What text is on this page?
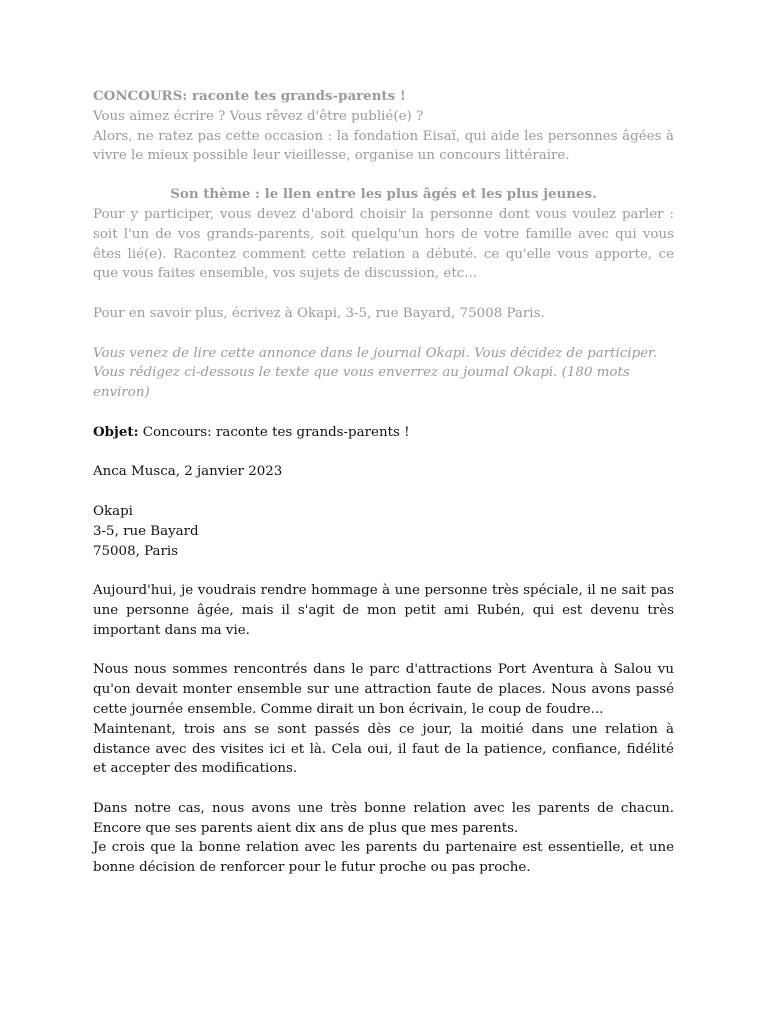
CONCOURS: raconte tes grands-parents !

Vous aimez écrire ? Vous rêvez d'être publié(e) ?

Alors, ne ratez pas cette occasion : la fondation Eisaï, qui aide les personnes âgées à vivre le mieux possible leur vieillesse, organise un concours littéraire.

Son thème : le llen entre les plus âgés et les plus jeunes.

Pour y participer, vous devez d'abord choisir la personne dont vous voulez parler : soit l'un de vos grands-parents, soit quelqu'un hors de votre famille avec qui vous êtes lié(e). Racontez comment cette relation a débuté. ce qu'elle vous apporte, ce que vous faites ensemble, vos sujets de discussion, etc...

Pour en savoir plus, écrivez à Okapi, 3-5, rue Bayard, 75008 Paris.

Vous venez de lire cette annonce dans le journal Okapi. Vous décidez de participer.

Vous rédigez ci-dessous le texte que vous enverrez au joumal Okapi. (180 mots environ)

Objet: Concours: raconte tes grands-parents !

Anca Musca, 2 janvier 2023

Okapi

3-5, rue Bayard

75008, Paris

Aujourd'hui, je voudrais rendre hommage à une personne très spéciale, il ne sait pas une personne âgée, mais il s'agit de mon petit ami Rubén, qui est devenu très important dans ma vie.

Nous nous sommes rencontrés dans le parc d'attractions Port Aventura à Salou vu qu'on devait monter ensemble sur une attraction faute de places. Nous avons passé cette journée ensemble. Comme dirait un bon écrivain, le coup de foudre...

Maintenant, trois ans se sont passés dès ce jour, la moitié dans une relation à distance avec des visites ici et là. Cela oui, il faut de la patience, confiance, fidélité et accepter des modifications.

Dans notre cas, nous avons une très bonne relation avec les parents de chacun. Encore que ses parents aient dix ans de plus que mes parents.

Je crois que la bonne relation avec les parents du partenaire est essentielle, et une bonne décision de renforcer pour le futur proche ou pas proche.
